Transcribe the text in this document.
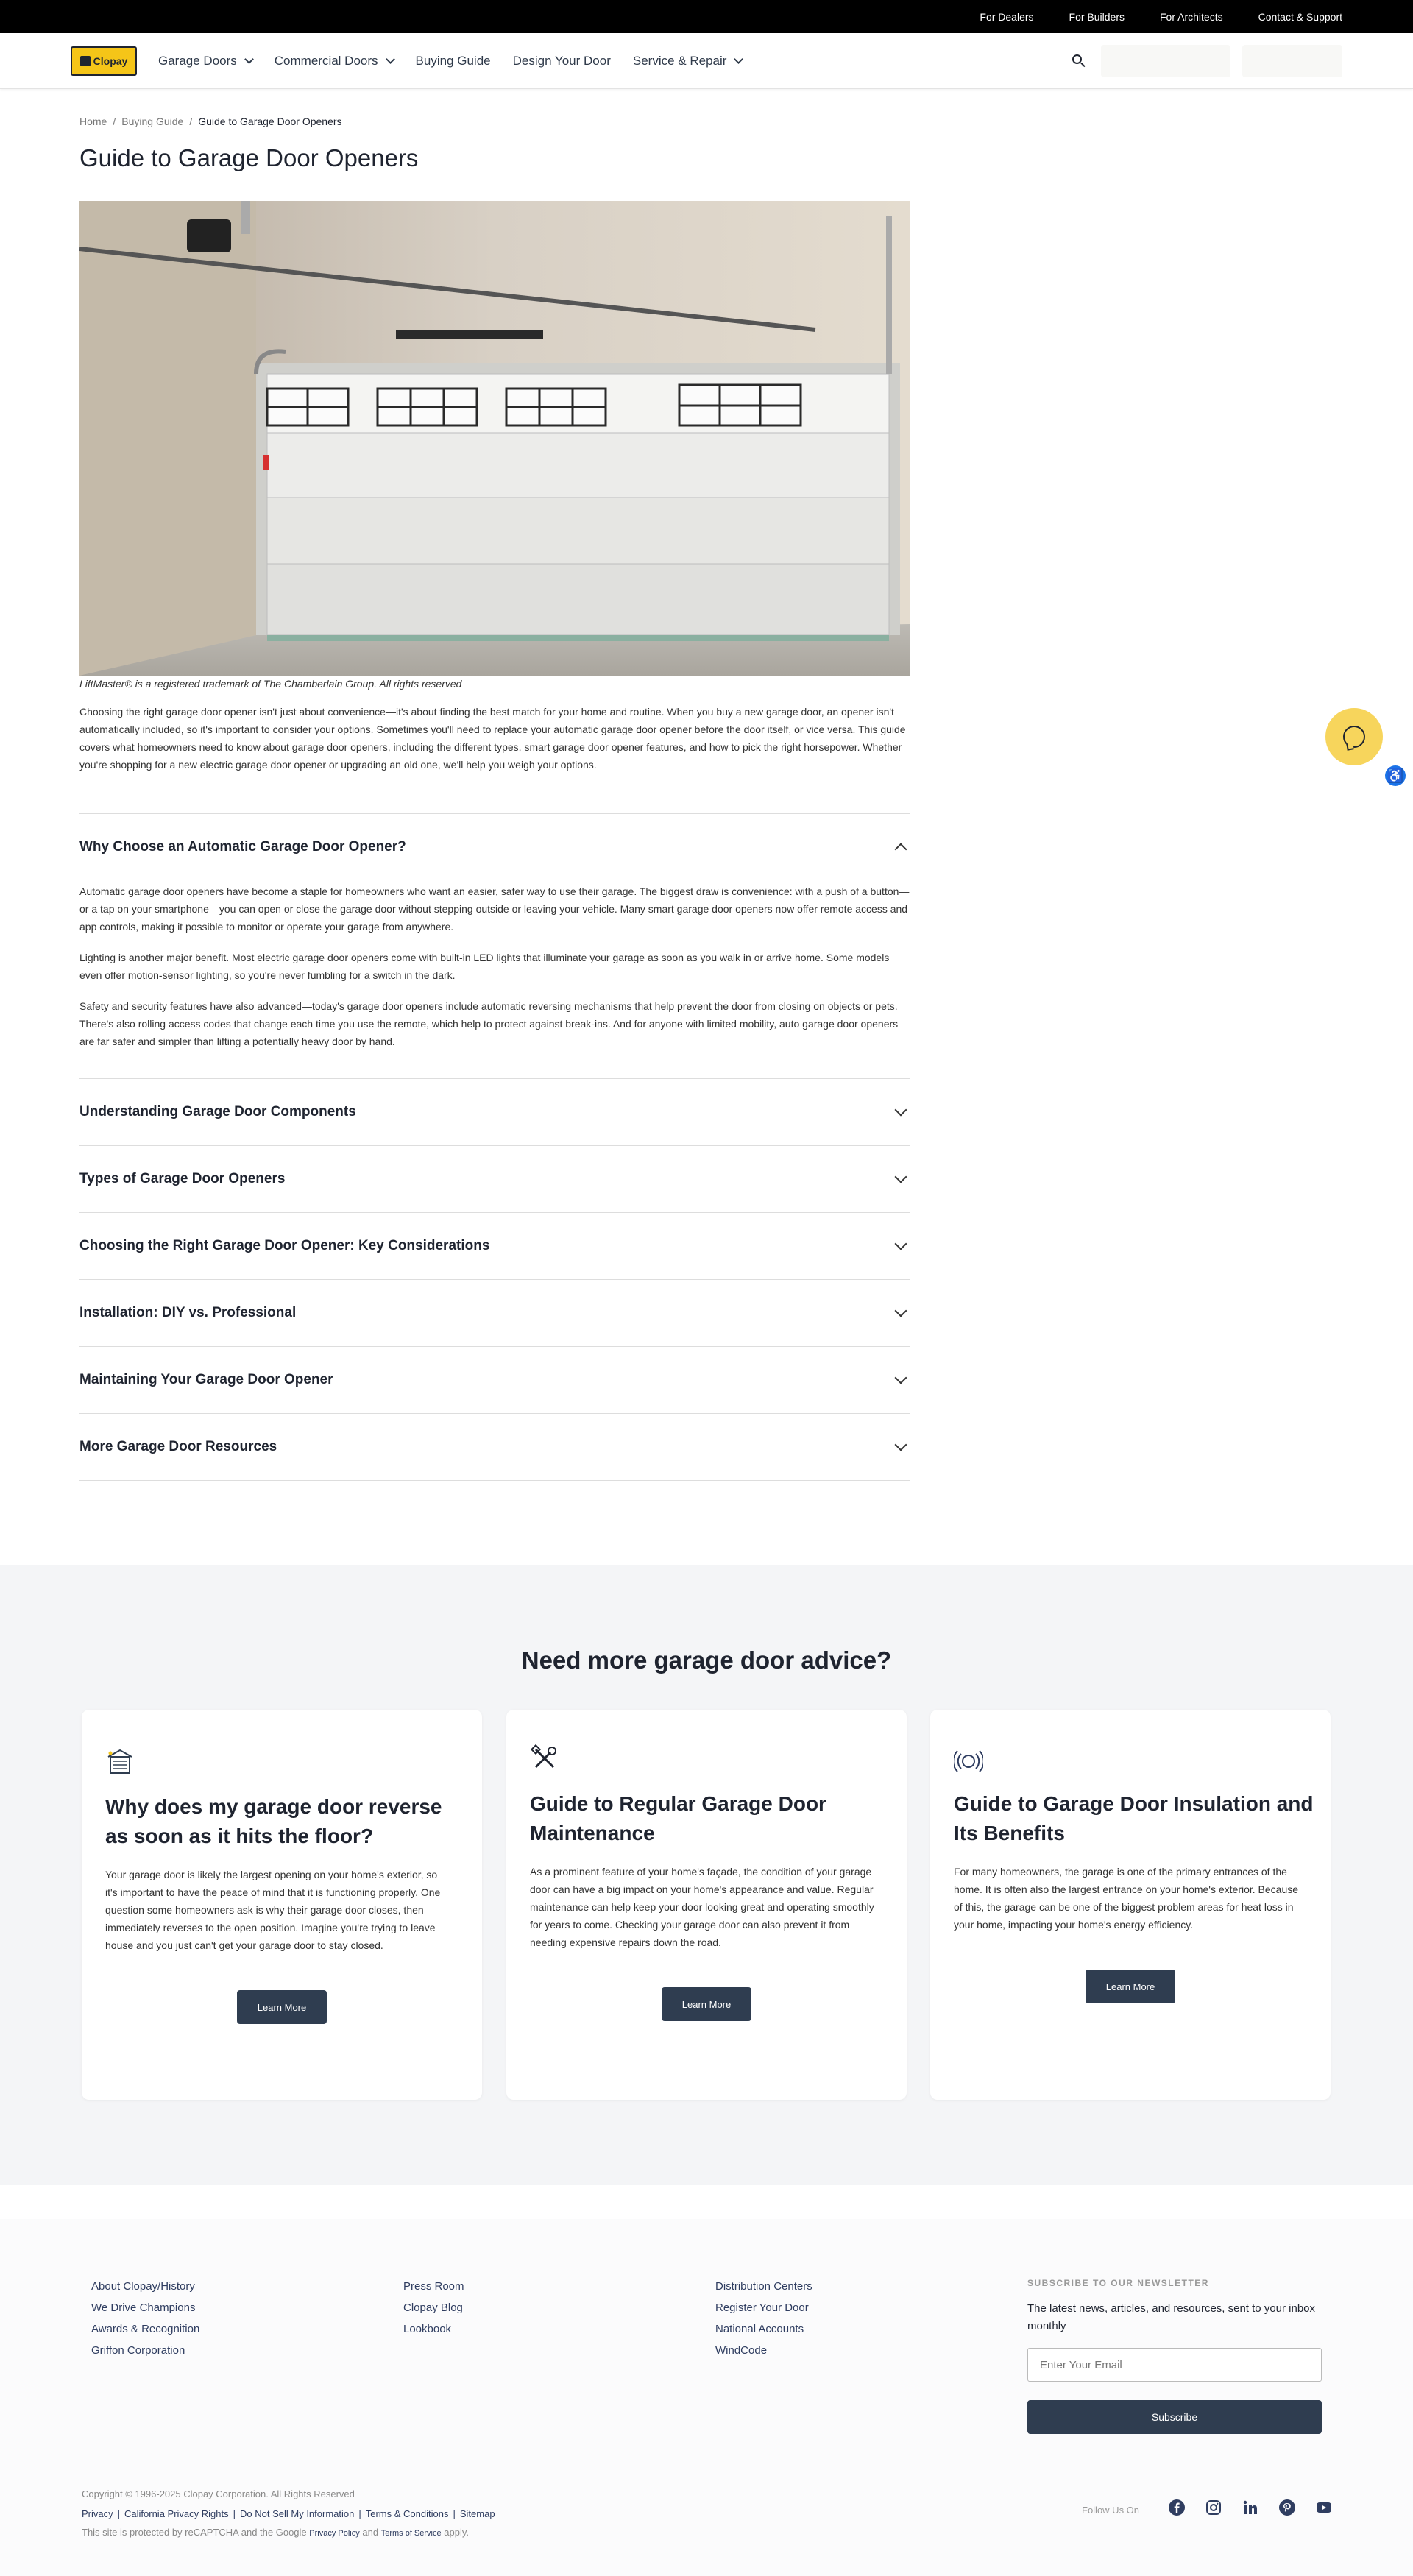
For Dealers	For Builders	For Architects	Contact & Support
Clopay Garage Doors	Commercial Doors	Buying Guide Design Your Door Service & Repair
Home / Buying Guide / Guide to Garage Door Openers
Guide to Garage Door Openers
LiftMaster® is a registered trademark of The Chamberlain Group. All rights reserved

Choosing the right garage door opener isn't just about convenience—it's about finding the best match for your home and routine. When you buy a new garage door, an opener isn't automatically included, so it's important to consider your options. Sometimes you'll need to replace your automatic garage door opener before the door itself, or vice versa. This guide covers what homeowners need to know about garage door openers, including the different types, smart garage door opener features, and how to pick the right horsepower. Whether you're shopping for a new electric garage door opener or upgrading an old one, we'll help you weigh your options.

Why Choose an Automatic Garage Door Opener?

Automatic garage door openers have become a staple for homeowners who want an easier, safer way to use their garage. The biggest draw is convenience: with a push of a button—or a tap on your smartphone—you can open or close the garage door without stepping outside or leaving your vehicle. Many smart garage door openers now offer remote access and app controls, making it possible to monitor or operate your garage from anywhere.

Lighting is another major benefit. Most electric garage door openers come with built-in LED lights that illuminate your garage as soon as you walk in or arrive home. Some models even offer motion-sensor lighting, so you're never fumbling for a switch in the dark.

Safety and security features have also advanced—today's garage door openers include automatic reversing mechanisms that help prevent the door from closing on objects or pets. There's also rolling access codes that change each time you use the remote, which help to protect against break-ins. And for anyone with limited mobility, auto garage door openers are far safer and simpler than lifting a potentially heavy door by hand.

Understanding Garage Door Components
Types of Garage Door Openers
Choosing the Right Garage Door Opener: Key Considerations
Installation: DIY vs. Professional
Maintaining Your Garage Door Opener
More Garage Door Resources
♿
Need more garage door advice?
Why does my garage door reverse as soon as it hits the floor?

Your garage door is likely the largest opening on your home's exterior, so it's important to have the peace of mind that it is functioning properly. One question some homeowners ask is why their garage door closes, then immediately reverses to the open position. Imagine you're trying to leave house and you just can't get your garage door to stay closed.

Learn More
Guide to Regular Garage Door Maintenance

As a prominent feature of your home's façade, the condition of your garage door can have a big impact on your home's appearance and value. Regular maintenance can help keep your door looking great and operating smoothly for years to come. Checking your garage door can also prevent it from needing expensive repairs down the road.

Learn More
Guide to Garage Door Insulation and Its Benefits

For many homeowners, the garage is one of the primary entrances of the home. It is often also the largest entrance on your home's exterior. Because of this, the garage can be one of the biggest problem areas for heat loss in your home, impacting your home's energy efficiency.

Learn More
About Clopay/History
We Drive Champions
Awards & Recognition
Griffon Corporation
Press Room
Clopay Blog
Lookbook
Distribution Centers
Register Your Door
National Accounts
WindCode
SUBSCRIBE TO OUR NEWSLETTER
The latest news, articles, and resources, sent to your inbox monthly
Enter Your Email
Subscribe
Copyright © 1996-2025 Clopay Corporation. All Rights Reserved
Privacy | California Privacy Rights | Do Not Sell My Information | Terms & Conditions | Sitemap
This site is protected by reCAPTCHA and the Google Privacy Policy and Terms of Service apply.
Follow Us On
